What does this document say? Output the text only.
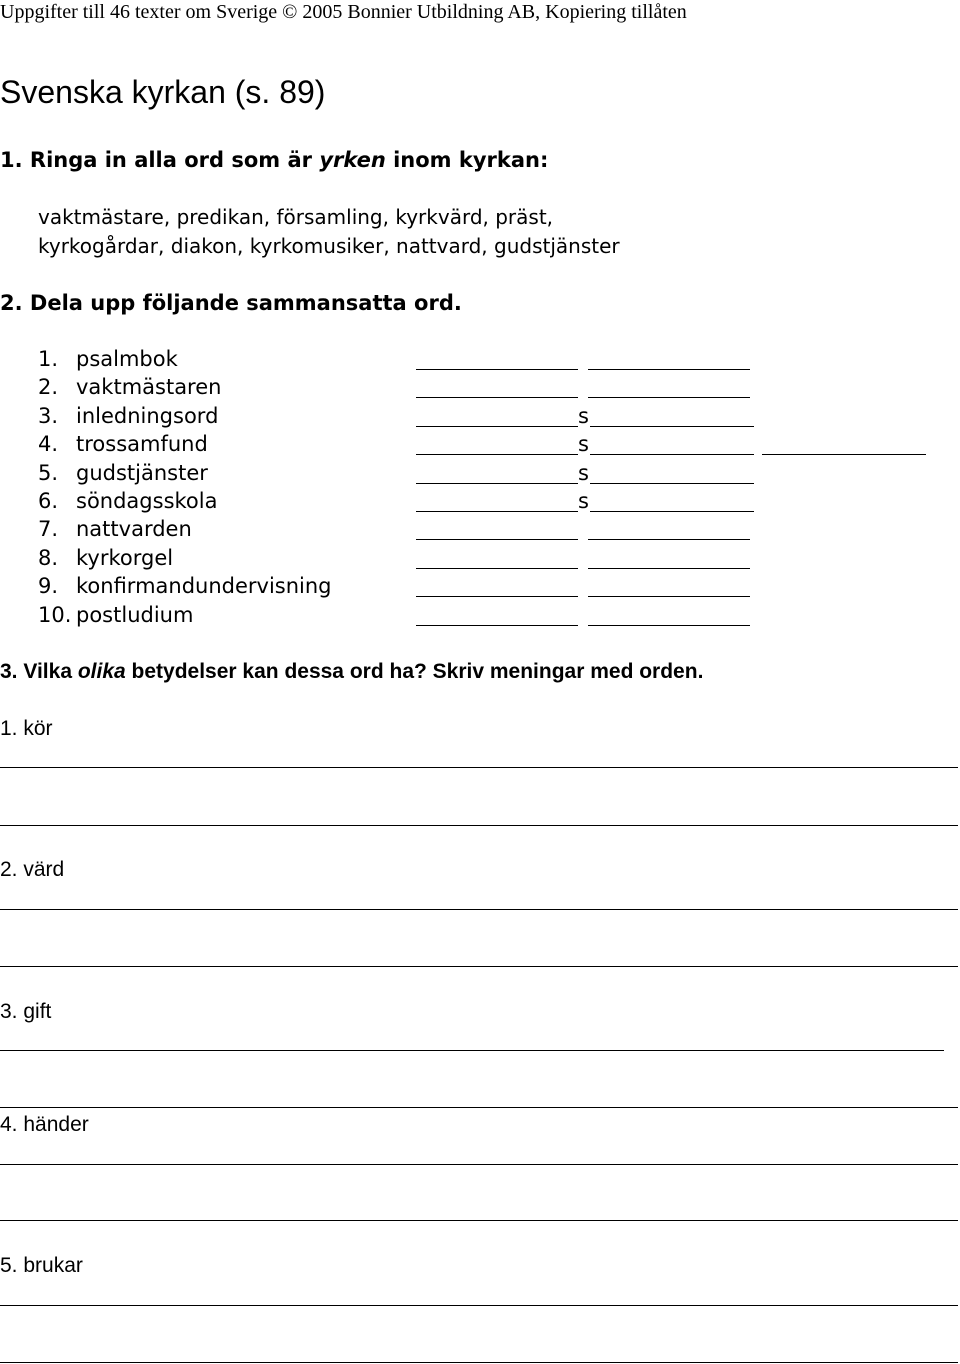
Uppgifter till 46 texter om Sverige © 2005 Bonnier Utbildning AB, Kopiering tillåten
Svenska kyrkan (s. 89)
1. Ringa in alla ord som är yrken inom kyrkan:
vaktmästare, predikan, församling, kyrkvärd, präst,
kyrkogårdar, diakon, kyrkomusiker, nattvard, gudstjänster
2. Dela upp följande sammansatta ord.
1. psalmbok
2. vaktmästaren
3. inledningsord	s
4. trossamfund	s
5. gudstjänster	s
6. söndagsskola	s
7. nattvarden
8. kyrkorgel
9. konfirmandundervisning
10. postludium
3. Vilka olika betydelser kan dessa ord ha? Skriv meningar med orden.
1. kör
2. värd
3. gift
4. händer
5. brukar
